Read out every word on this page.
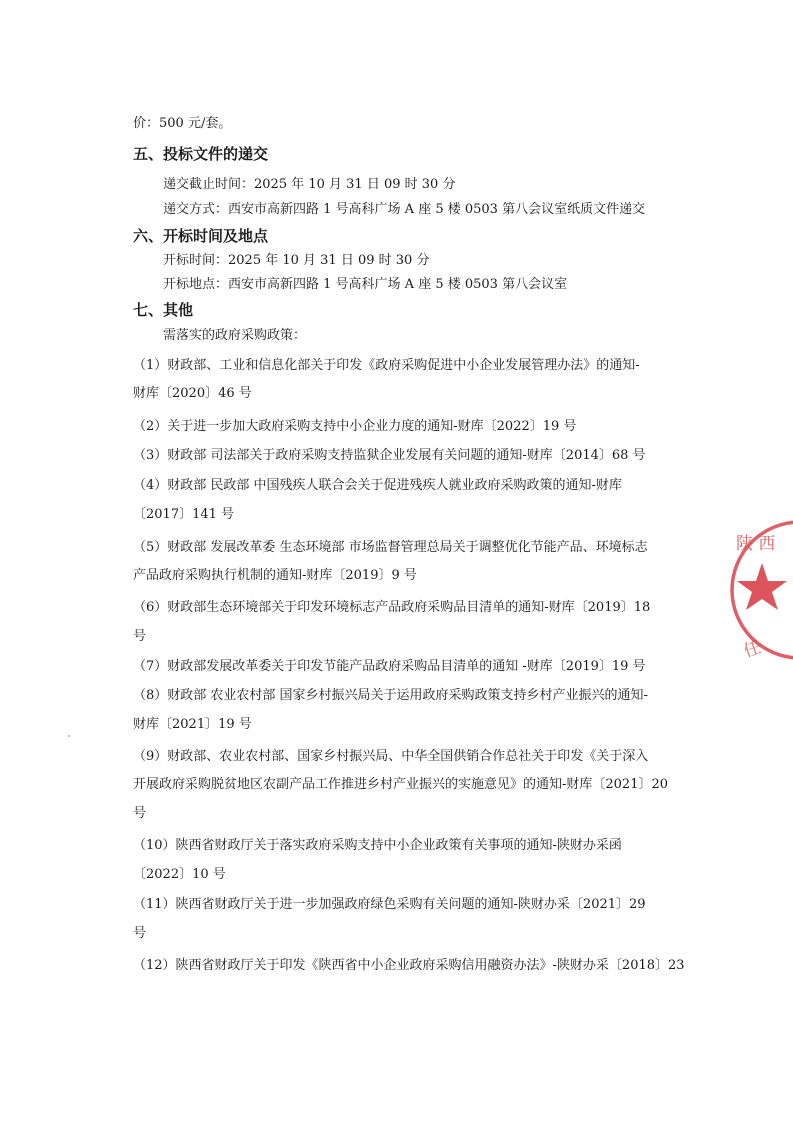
价：500 元/套。
五、投标文件的递交
递交截止时间：2025 年 10 月 31 日 09 时 30 分
递交方式：西安市高新四路 1 号高科广场 A 座 5 楼 0503 第八会议室纸质文件递交
六、开标时间及地点
开标时间：2025 年 10 月 31 日 09 时 30 分
开标地点：西安市高新四路 1 号高科广场 A 座 5 楼 0503 第八会议室
七、其他
需落实的政府采购政策：
（1）财政部、工业和信息化部关于印发《政府采购促进中小企业发展管理办法》的通知-
财库〔2020〕46 号
（2）关于进一步加大政府采购支持中小企业力度的通知-财库〔2022〕19 号
（3）财政部 司法部关于政府采购支持监狱企业发展有关问题的通知-财库〔2014〕68 号
（4）财政部 民政部 中国残疾人联合会关于促进残疾人就业政府采购政策的通知-财库
〔2017〕141 号
（5）财政部 发展改革委 生态环境部 市场监督管理总局关于调整优化节能产品、环境标志
产品政府采购执行机制的通知-财库〔2019〕9 号
（6）财政部生态环境部关于印发环境标志产品政府采购品目清单的通知-财库〔2019〕18
号
（7）财政部发展改革委关于印发节能产品政府采购品目清单的通知 -财库〔2019〕19 号
（8）财政部 农业农村部 国家乡村振兴局关于运用政府采购政策支持乡村产业振兴的通知-
财库〔2021〕19 号
（9）财政部、农业农村部、国家乡村振兴局、中华全国供销合作总社关于印发《关于深入
开展政府采购脱贫地区农副产品工作推进乡村产业振兴的实施意见》的通知-财库〔2021〕20
号
（10）陕西省财政厅关于落实政府采购支持中小企业政策有关事项的通知-陕财办采函
〔2022〕10 号
（11）陕西省财政厅关于进一步加强政府绿色采购有关问题的通知-陕财办采〔2021〕29
号
（12）陕西省财政厅关于印发《陕西省中小企业政府采购信用融资办法》-陕财办采〔2018〕23
陕 西
任
